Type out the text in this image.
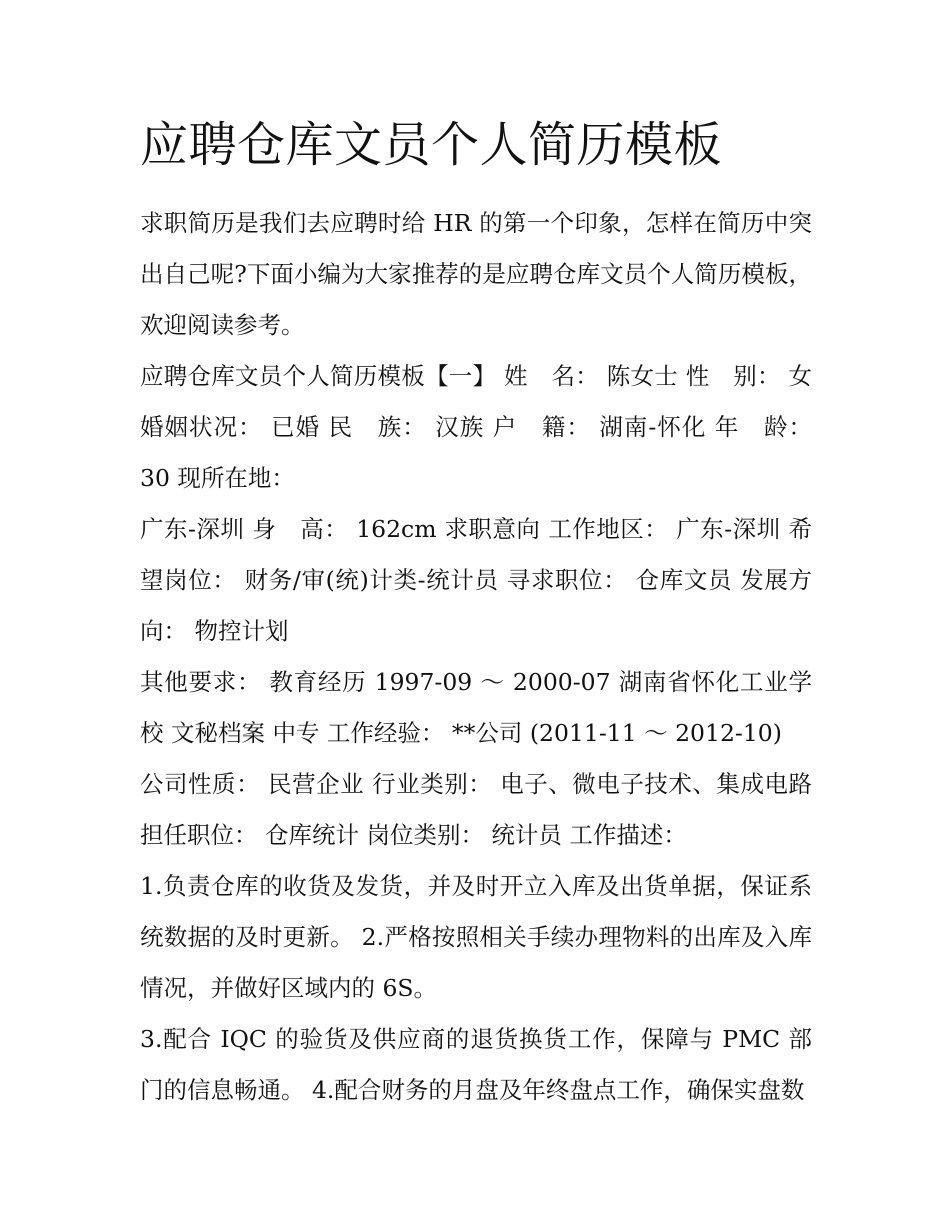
应聘仓库文员个人简历模板

求职简历是我们去应聘时给 HR 的第一个印象，怎样在简历中突出自己呢?下面小编为大家推荐的是应聘仓库文员个人简历模板，欢迎阅读参考。

应聘仓库文员个人简历模板【一】 姓　名： 陈女士 性　别： 女 婚姻状况： 已婚 民　族： 汉族 户　籍： 湖南-怀化 年　龄： 30 现所在地：

广东-深圳 身　高： 162cm 求职意向 工作地区： 广东-深圳 希望岗位： 财务/审(统)计类-统计员 寻求职位： 仓库文员 发展方向： 物控计划

其他要求： 教育经历 1997-09 ～ 2000-07 湖南省怀化工业学校 文秘档案 中专 工作经验： **公司 (2011-11 ～ 2012-10)

公司性质： 民营企业 行业类别： 电子、微电子技术、集成电路 担任职位： 仓库统计 岗位类别： 统计员 工作描述：

1.负责仓库的收货及发货，并及时开立入库及出货单据，保证系统数据的及时更新。 2.严格按照相关手续办理物料的出库及入库情况，并做好区域内的 6S。

3.配合 IQC 的验货及供应商的退货换货工作，保障与 PMC 部门的信息畅通。 4.配合财务的月盘及年终盘点工作，确保实盘数
